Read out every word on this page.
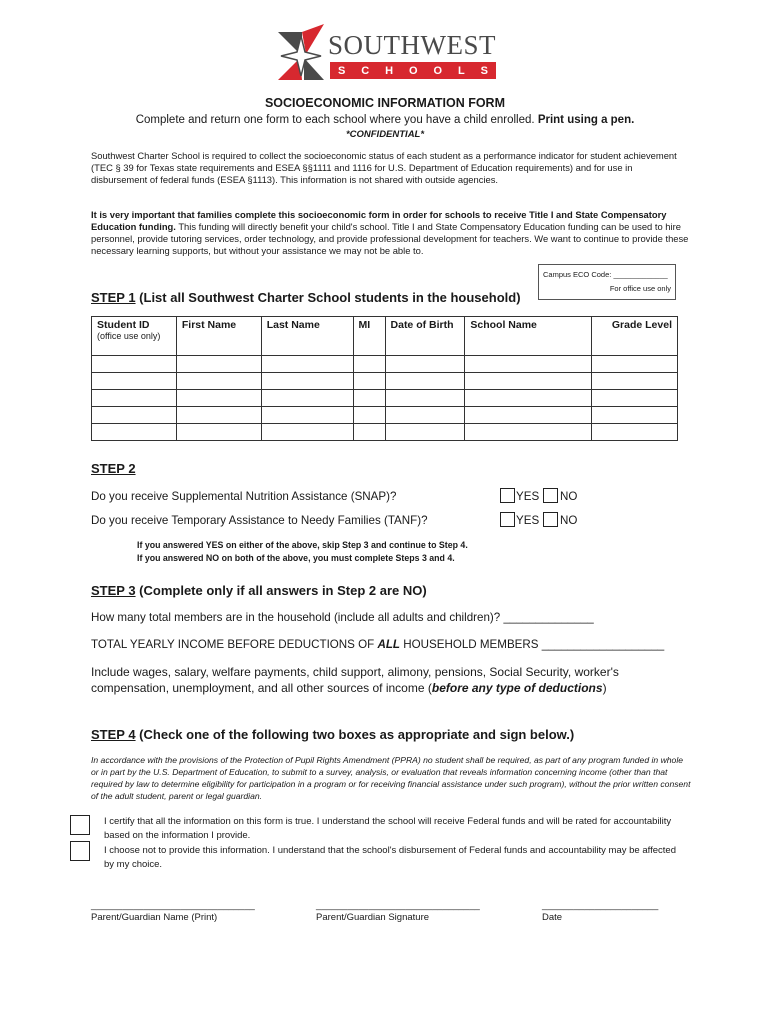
SOUTHWEST
S C H O O L S
SOCIOECONOMIC INFORMATION FORM
Complete and return one form to each school where you have a child enrolled. Print using a pen.
*CONFIDENTIAL*
Southwest Charter School is required to collect the socioeconomic status of each student as a performance indicator for student achievement (TEC § 39 for Texas state requirements and ESEA §§1111 and 1116 for U.S. Department of Education requirements) and for use in disbursement of federal funds (ESEA §1113). This information is not shared with outside agencies.
It is very important that families complete this socioeconomic form in order for schools to receive Title I and State Compensatory Education funding. This funding will directly benefit your child's school. Title I and State Compensatory Education funding can be used to hire personnel, provide tutoring services, order technology, and provide professional development for teachers. We want to continue to provide these necessary learning supports, but without your assistance we may not be able to.
Campus ECO Code: _____________
For office use only
STEP 1 (List all Southwest Charter School students in the household)
Student ID
(office use only)	First Name	Last Name	MI	Date of Birth	School Name	Grade Level

STEP 2
Do you receive Supplemental Nutrition Assistance (SNAP)?	YES NO
Do you receive Temporary Assistance to Needy Families (TANF)?	YES NO
If you answered YES on either of the above, skip Step 3 and continue to Step 4.
If you answered NO on both of the above, you must complete Steps 3 and 4.
STEP 3 (Complete only if all answers in Step 2 are NO)
How many total members are in the household (include all adults and children)? ______________
TOTAL YEARLY INCOME BEFORE DEDUCTIONS OF ALL HOUSEHOLD MEMBERS ___________________
Include wages, salary, welfare payments, child support, alimony, pensions, Social Security, worker's compensation, unemployment, and all other sources of income (before any type of deductions)
STEP 4 (Check one of the following two boxes as appropriate and sign below.)
In accordance with the provisions of the Protection of Pupil Rights Amendment (PPRA) no student shall be required, as part of any program funded in whole or in part by the U.S. Department of Education, to submit to a survey, analysis, or evaluation that reveals information concerning income (other than that required by law to determine eligibility for participation in a program or for receiving financial assistance under such program), without the prior written consent of the adult student, parent or legal guardian.
I certify that all the information on this form is true. I understand the school will receive Federal funds and will be rated for accountability based on the information I provide.
I choose not to provide this information. I understand that the school's disbursement of Federal funds and accountability may be affected by my choice.
_______________________________	_______________________________	______________________
Parent/Guardian Name (Print)	Parent/Guardian Signature	Date
